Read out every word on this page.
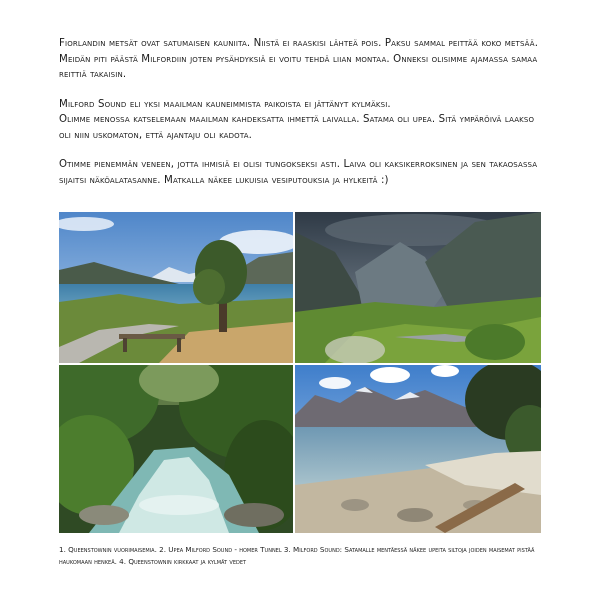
Fiorlandin metsät ovat satumaisen kauniita. Niistä ei raaskisi lähteä pois. Paksu sammal peittää koko metsää. Meidän piti päästä Milfordiin joten pysähdyksiä ei voitu tehdä liian montaa. Onneksi olisimme ajamassa samaa reittiä takaisin.

Milford Sound eli yksi maailman kauneimmista paikoista ei jättänyt kylmäksi.
Olimme menossa katselemaan maailman kahdeksatta ihmettä laivalla. Satama oli upea. Sitä ympäröivä laakso oli niin uskomaton, että ajantaju oli kadota.

Otimme pienemmän veneen, jotta ihmisiä ei olisi tungokseksi asti. Laiva oli kaksikerroksinen ja sen takaosassa sijaitsi näköalatasanne. Matkalla näkee lukuisia vesiputouksia ja hylkeitä :)

1. Queenstownin vuorimaisemia. 2. Upea Milford Sound - homer Tunnel 3. Milford Sound: Satamalle mentäessä näkee upeita siltoja joiden maisemat pistää haukomaan henkeä. 4. Queenstownin kirkkaat ja kylmät vedet
